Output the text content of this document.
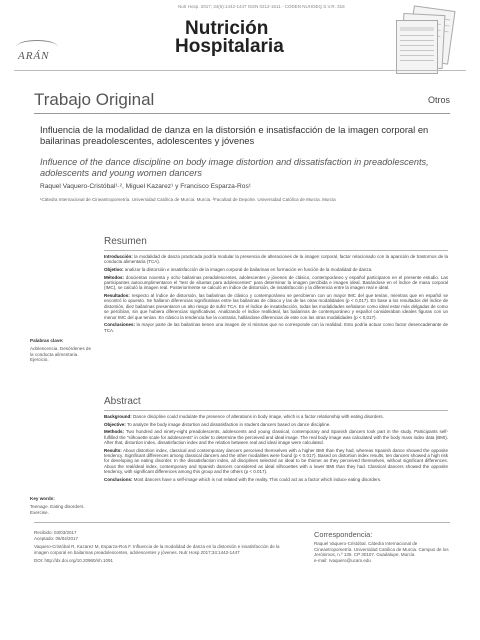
ARÁN
Nutr Hosp. 2017; 34(6):1442-1447 ISSN 0212-1611 - CODEN NUHOEQ S.V.R. 318
Nutrición
Hospitalaria
Trabajo Original	Otros
Influencia de la modalidad de danza en la distorsión e insatisfacción de la imagen corporal en bailarinas preadolescentes, adolescentes y jóvenes
Influence of the dance discipline on body image distortion and dissatisfaction in preadolescents, adolescents and young women dancers
Raquel Vaquero-Cristóbal¹·², Miguel Kazarez¹ y Francisco Esparza-Ros¹
¹Cátedra Internacional de Cineantropometría. Universidad Católica de Murcia. Murcia. ²Facultad de Deporte. Universidad Católica de Murcia. Murcia
Resumen

Introducción: la modalidad de danza practicada podría modular la presencia de alteraciones de la imagen corporal, factor relacionado con la aparición de trastornos de la conducta alimentaria (TCA).

Objetivo: analizar la distorsión e insatisfacción de la imagen corporal de bailarinas en formación en función de la modalidad de danza.

Métodos: doscientas noventa y ocho bailarinas preadolescentes, adolescentes y jóvenes de clásico, contemporáneo y español participaron en el presente estudio. Las participantes autocumplimentaron el "test de siluetas para adolescentes" para determinar la imagen percibida e imagen ideal. Basándose en el índice de masa corporal (IMC), se calculó la imagen real. Posteriormente se calculó en índice de distorsión, de insatisfacción y la diferencia entre la imagen real e ideal.

Resultados: respecto al índice de distorsión, las bailarinas de clásico y contemporáneo se percibieron con un mayor IMC del que tenían, mientras que en español se encontró lo opuesto. Se hallaron diferencias significativas entre las bailarinas de clásico y las de las otras modalidades (p < 0,017). En base a los resultados del índice de distorsión, diez bailarinas presentaron un alto riesgo de sufrir TCA. En el índice de insatisfacción, todas las modalidades señalaron como ideal estar más delgadas de como se percibían, sin que hubiera diferencias significativas. Analizando el índice real/ideal, las bailarinas de contemporáneo y español consideraban ideales figuras con un menor IMC del que tenían. En clásico la tendencia fue la contraria, hallándose diferencias de este con las otras modalidades (p < 0,017).

Conclusiones: la mayor parte de las bailarinas tienen una imagen de sí mismas que no corresponde con la realidad. Esto podría actuar como factor desencadenante de TCA.

Palabras clave:
Adolescencia. Desórdenes de la conducta alimentaria. Ejercicio.
Abstract

Background: Dance discipline could modulate the presence of alterations in body image, which is a factor relationship with eating disorders.

Objective: To analyze the body image distortion and dissatisfaction in student dancers based on dance discipline.

Methods: Two hundred and ninety-eight preadolescents, adolescents and young classical, contemporary and Spanish dancers took part in the study. Participants self-fulfilled the "silhouette scale for adolescents" in order to determine the perceived and ideal image. The real body image was calculated with the body mass index data (BMI). After that, distortion index, dissatisfaction index and the relation between real and ideal image were calculated.

Results: About distortion index, classical and contemporary dancers perceived themselves with a higher BMI than they had, whereas Spanish dance showed the opposite tendency. Significant differences among classical dancers and the other modalities were found (p < 0.017). Based on distortion index results, ten dancers showed a high risk for developing an eating disorder. In the dissatisfaction index, all disciplines selected as ideal to be thinner as they perceived themselves, without significant differences. About the real/ideal index, contemporary and Spanish dancers considered as ideal silhouettes with a lower BMI than they had. Classical dancers showed the opposite tendency, with significant differences among this group and the others (p < 0.017).

Conclusions: Most dancers have a self-image which is not related with the reality. This could act as a factor which induce eating disorders.

Key words:
Teenage. Eating disorders. Exercise.
Recibido: 03/03/2017

Aceptado: 06/04/2017

Vaquero-Cristóbal R, Kazarez M, Esparza-Ros F. Influencia de la modalidad de danza en la distorsión e insatisfacción de la imagen corporal en bailarinas preadolescentes, adolescentes y jóvenes. Nutr Hosp 2017;34:1442-1447

DOI: http://dx.doi.org/10.20960/nh.1091

Correspondencia:
Raquel Vaquero-Cristóbal. Cátedra Internacional de Cineantropometría. Universidad Católica de Murcia. Campus de los Jerónimos, n.º 135. CP 30107. Guadalupe, Murcia
e-mail: rvaquero@ucam.edu
